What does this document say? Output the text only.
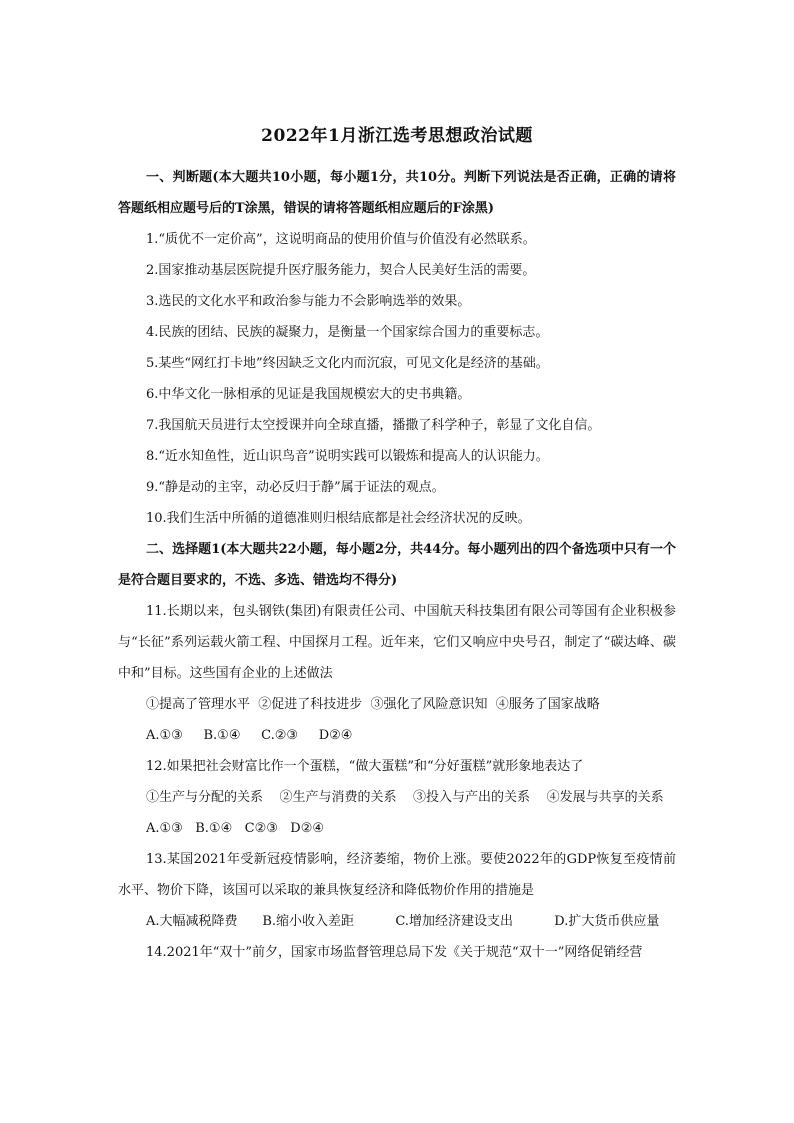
2022年1月浙江选考思想政治试题

一、判断题(本大题共10小题，每小题1分，共10分。判断下列说法是否正确，正确的请将答题纸相应题号后的T涂黑，错误的请将答题纸相应题后的F涂黑)

1.“质优不一定价高”，这说明商品的使用价值与价值没有必然联系。

2.国家推动基层医院提升医疗服务能力，契合人民美好生活的需要。

3.选民的文化水平和政治参与能力不会影响选举的效果。

4.民族的团结、民族的凝聚力，是衡量一个国家综合国力的重要标志。

5.某些“网红打卡地”终因缺乏文化内而沉寂，可见文化是经济的基础。

6.中华文化一脉相承的见证是我国规模宏大的史书典籍。

7.我国航天员进行太空授课并向全球直播，播撒了科学种子，彰显了文化自信。

8.“近水知鱼性，近山识鸟音”说明实践可以锻炼和提高人的认识能力。

9.“静是动的主宰，动必反归于静”属于证法的观点。

10.我们生活中所循的道德准则归根结底都是社会经济状况的反映。

二、选择题1(本大题共22小题，每小题2分，共44分。每小题列出的四个备选项中只有一个是符合题目要求的，不选、多选、错选均不得分)

11.长期以来，包头钢铁(集团)有限责任公司、中国航天科技集团有限公司等国有企业积极参与“长征”系列运载火箭工程、中国探月工程。近年来，它们又响应中央号召，制定了“碳达峰、碳中和”目标。这些国有企业的上述做法

①提高了管理水平  ②促进了科技进步  ③强化了风险意识知  ④服务了国家战略

A.①③     B.①④     C.②③     D②④

12.如果把社会财富比作一个蛋糕，“做大蛋糕”和“分好蛋糕”就形象地表达了

①生产与分配的关系    ②生产与消费的关系    ③投入与产出的关系    ④发展与共享的关系

A.①③   B.①④   C②③   D②④

13.某国2021年受新冠疫情影响，经济萎缩，物价上涨。要使2022年的GDP恢复至疫情前水平、物价下降，该国可以采取的兼具恢复经济和降低物价作用的措施是

A.大幅减税降费      B.缩小收入差距          C.增加经济建设支出          D.扩大货币供应量

14.2021年“双十”前夕，国家市场监督管理总局下发《关于规范“双十一”网络促销经营
